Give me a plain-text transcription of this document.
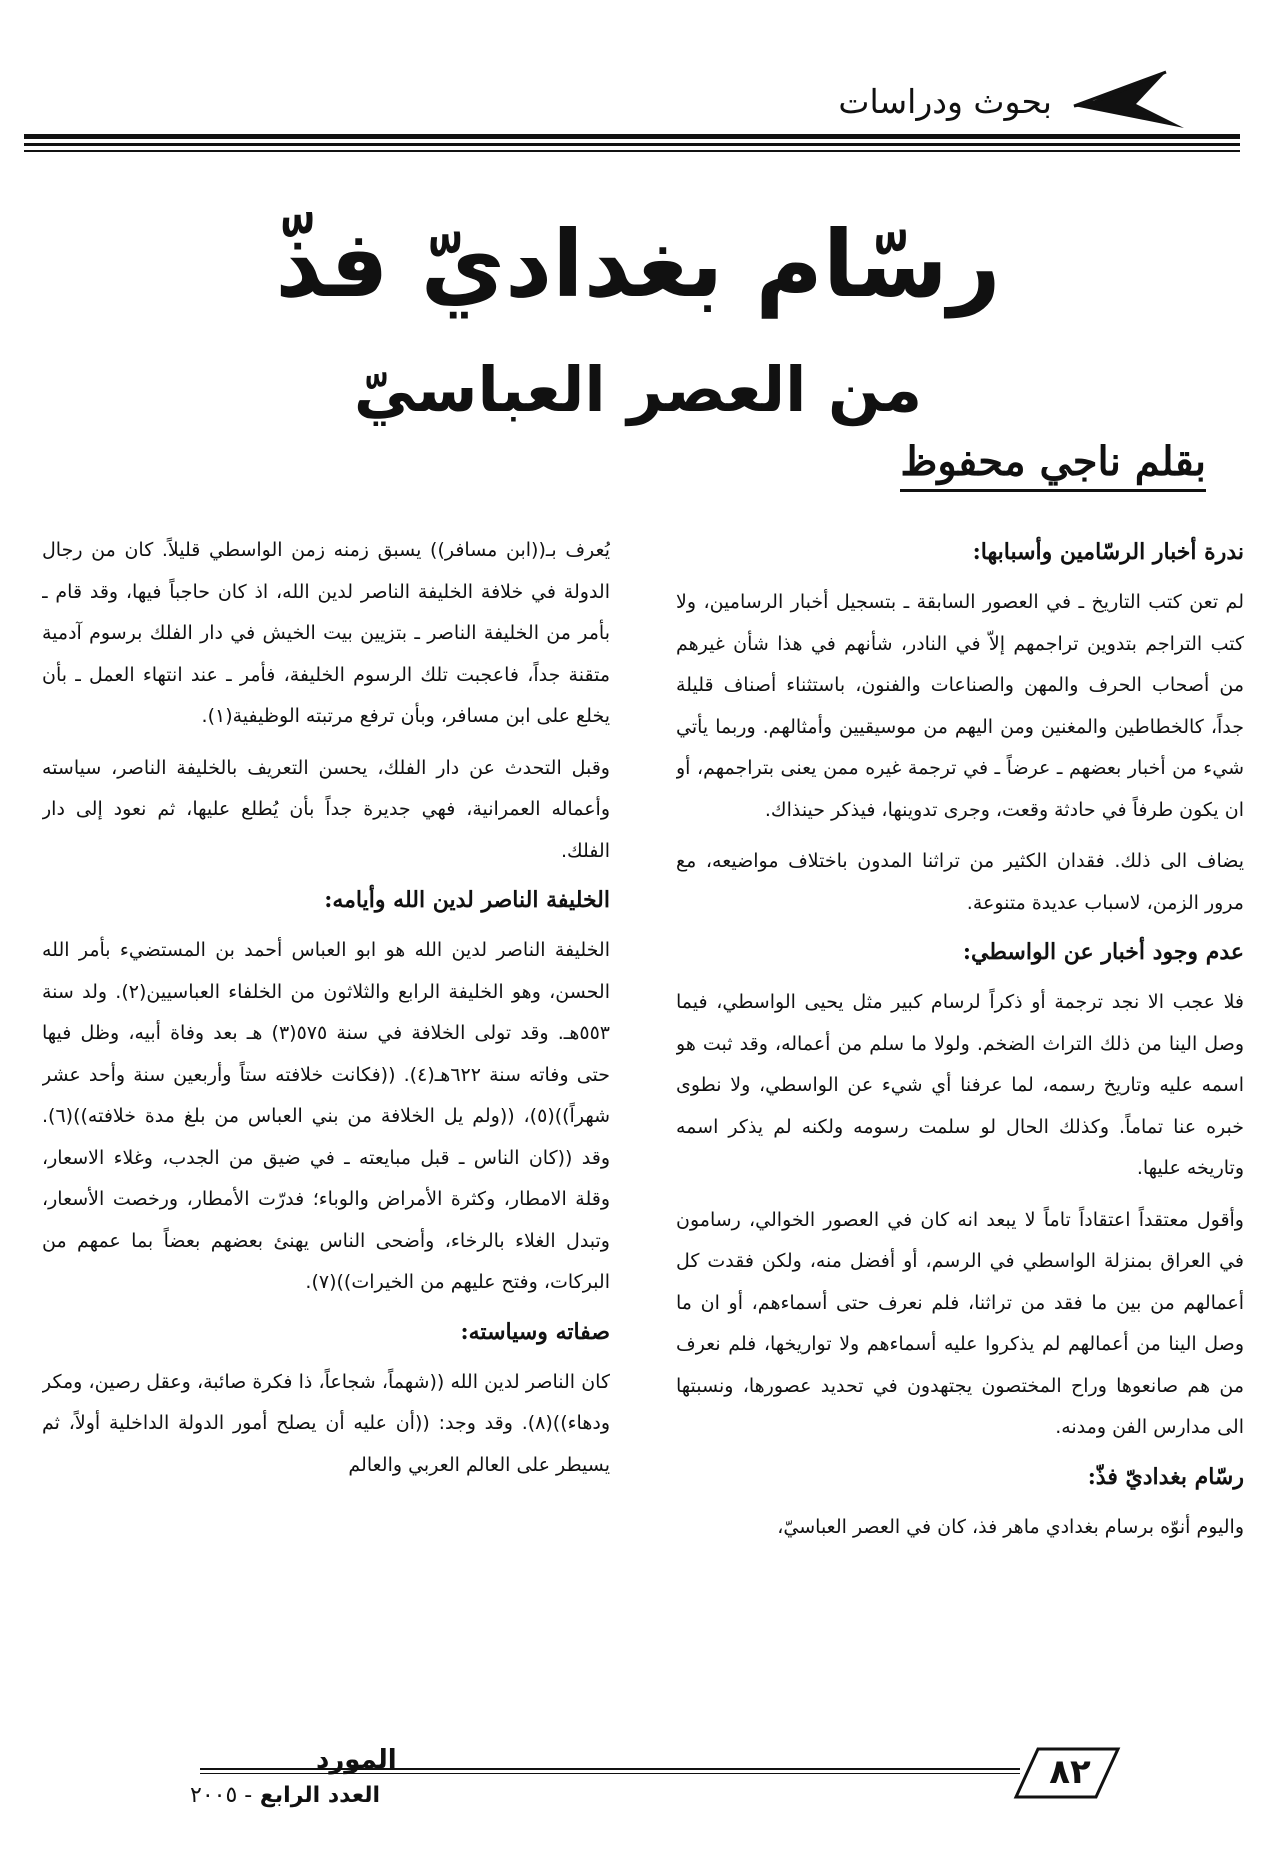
بحوث ودراسات
رسّام بغداديّ فذّ
من العصر العباسيّ
بقلم ناجي محفوظ
ندرة أخبار الرسّامين وأسبابها:

لم تعن كتب التاريخ ـ في العصور السابقة ـ بتسجيل أخبار الرسامين، ولا كتب التراجم بتدوين تراجمهم إلاّ في النادر، شأنهم في هذا شأن غيرهم من أصحاب الحرف والمهن والصناعات والفنون، باستثناء أصناف قليلة جداً، كالخطاطين والمغنين ومن اليهم من موسيقيين وأمثالهم. وربما يأتي شيء من أخبار بعضهم ـ عرضاً ـ في ترجمة غيره ممن يعنى بتراجمهم، أو ان يكون طرفاً في حادثة وقعت، وجرى تدوينها، فيذكر حينذاك.

يضاف الى ذلك. فقدان الكثير من تراثنا المدون باختلاف مواضيعه، مع مرور الزمن، لاسباب عديدة متنوعة.

عدم وجود أخبار عن الواسطي:

فلا عجب الا نجد ترجمة أو ذكراً لرسام كبير مثل يحيى الواسطي، فيما وصل الينا من ذلك التراث الضخم. ولولا ما سلم من أعماله، وقد ثبت هو اسمه عليه وتاريخ رسمه، لما عرفنا أي شيء عن الواسطي، ولا نطوى خبره عنا تماماً. وكذلك الحال لو سلمت رسومه ولكنه لم يذكر اسمه وتاريخه عليها.

وأقول معتقداً اعتقاداً تاماً لا يبعد انه كان في العصور الخوالي، رسامون في العراق بمنزلة الواسطي في الرسم، أو أفضل منه، ولكن فقدت كل أعمالهم من بين ما فقد من تراثنا، فلم نعرف حتى أسماءهم، أو ان ما وصل الينا من أعمالهم لم يذكروا عليه أسماءهم ولا تواريخها، فلم نعرف من هم صانعوها وراح المختصون يجتهدون في تحديد عصورها، ونسبتها الى مدارس الفن ومدنه.

رسّام بغداديّ فذّ:

واليوم أنوّه برسام بغدادي ماهر فذ، كان في العصر العباسيّ،

يُعرف بـ((ابن مسافر)) يسبق زمنه زمن الواسطي قليلاً. كان من رجال الدولة في خلافة الخليفة الناصر لدين الله، اذ كان حاجباً فيها، وقد قام ـ بأمر من الخليفة الناصر ـ بتزيين بيت الخيش في دار الفلك برسوم آدمية متقنة جداً، فاعجبت تلك الرسوم الخليفة، فأمر ـ عند انتهاء العمل ـ بأن يخلع على ابن مسافر، وبأن ترفع مرتبته الوظيفية(١).

وقبل التحدث عن دار الفلك، يحسن التعريف بالخليفة الناصر، سياسته وأعماله العمرانية، فهي جديرة جداً بأن يُطلع عليها، ثم نعود إلى دار الفلك.

الخليفة الناصر لدين الله وأيامه:

الخليفة الناصر لدين الله هو ابو العباس أحمد بن المستضيء بأمر الله الحسن، وهو الخليفة الرابع والثلاثون من الخلفاء العباسيين(٢). ولد سنة ٥٥٣هـ. وقد تولى الخلافة في سنة ٥٧٥(٣) هـ بعد وفاة أبيه، وظل فيها حتى وفاته سنة ٦٢٢هـ(٤). ((فكانت خلافته ستاً وأربعين سنة وأحد عشر شهراً))(٥)، ((ولم يل الخلافة من بني العباس من بلغ مدة خلافته))(٦). وقد ((كان الناس ـ قبل مبايعته ـ في ضيق من الجدب، وغلاء الاسعار، وقلة الامطار، وكثرة الأمراض والوباء؛ فدرّت الأمطار، ورخصت الأسعار، وتبدل الغلاء بالرخاء، وأضحى الناس يهنئ بعضهم بعضاً بما عمهم من البركات، وفتح عليهم من الخيرات))(٧).

صفاته وسياسته:

كان الناصر لدين الله ((شهماً، شجاعاً، ذا فكرة صائبة، وعقل رصين، ومكر ودهاء))(٨). وقد وجد: ((أن عليه أن يصلح أمور الدولة الداخلية أولاً، ثم يسيطر على العالم العربي والعالم

٨٢
المورد
العدد الرابع - ٢٠٠٥
